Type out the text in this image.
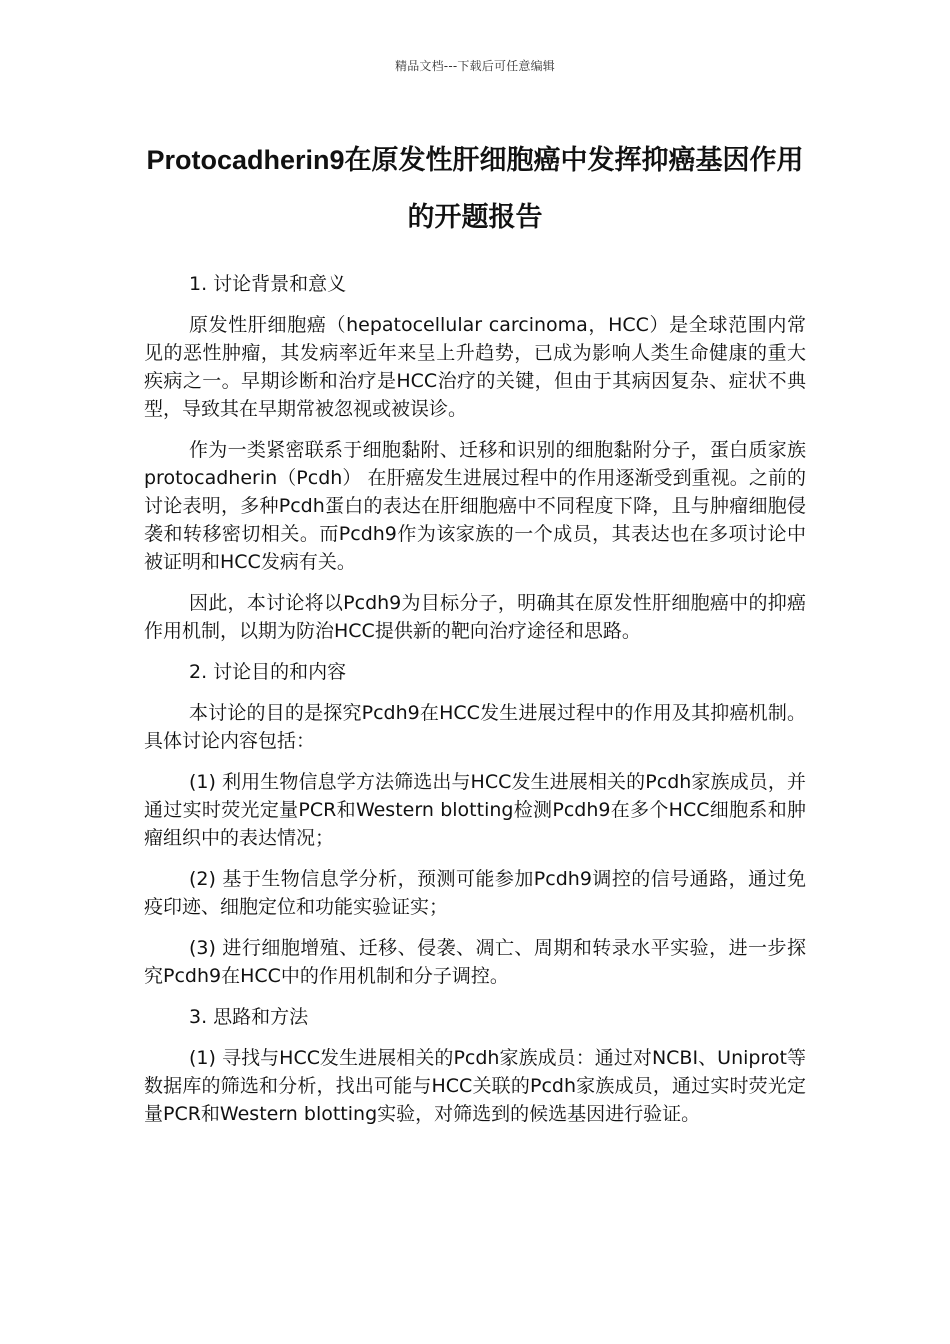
精品文档---下载后可任意编辑
Protocadherin9在原发性肝细胞癌中发挥抑癌基因作用的开题报告

1. 讨论背景和意义

原发性肝细胞癌（hepatocellular carcinoma，HCC）是全球范围内常见的恶性肿瘤，其发病率近年来呈上升趋势，已成为影响人类生命健康的重大疾病之一。早期诊断和治疗是HCC治疗的关键，但由于其病因复杂、症状不典型，导致其在早期常被忽视或被误诊。

作为一类紧密联系于细胞黏附、迁移和识别的细胞黏附分子，蛋白质家族protocadherin（Pcdh） 在肝癌发生进展过程中的作用逐渐受到重视。之前的讨论表明，多种Pcdh蛋白的表达在肝细胞癌中不同程度下降，且与肿瘤细胞侵袭和转移密切相关。而Pcdh9作为该家族的一个成员，其表达也在多项讨论中被证明和HCC发病有关。

因此，本讨论将以Pcdh9为目标分子，明确其在原发性肝细胞癌中的抑癌作用机制，以期为防治HCC提供新的靶向治疗途径和思路。

2. 讨论目的和内容

本讨论的目的是探究Pcdh9在HCC发生进展过程中的作用及其抑癌机制。具体讨论内容包括：

(1) 利用生物信息学方法筛选出与HCC发生进展相关的Pcdh家族成员，并通过实时荧光定量PCR和Western blotting检测Pcdh9在多个HCC细胞系和肿瘤组织中的表达情况；

(2) 基于生物信息学分析，预测可能参加Pcdh9调控的信号通路，通过免疫印迹、细胞定位和功能实验证实；

(3) 进行细胞增殖、迁移、侵袭、凋亡、周期和转录水平实验，进一步探究Pcdh9在HCC中的作用机制和分子调控。

3. 思路和方法

(1) 寻找与HCC发生进展相关的Pcdh家族成员：通过对NCBI、Uniprot等数据库的筛选和分析，找出可能与HCC关联的Pcdh家族成员，通过实时荧光定量PCR和Western blotting实验，对筛选到的候选基因进行验证。
